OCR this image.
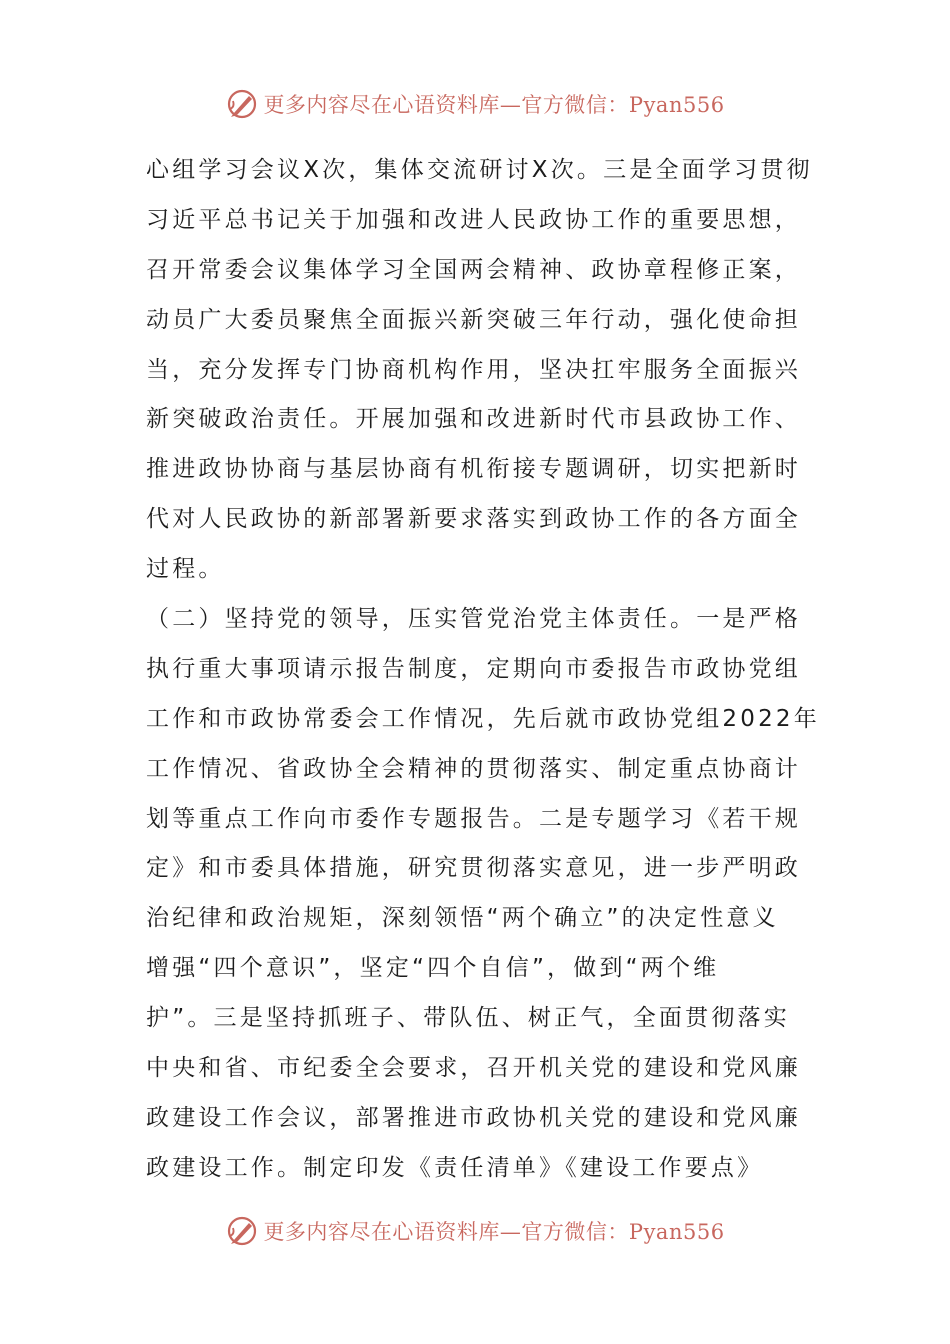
更多内容尽在心语资料库—官方微信：Pyan556
心组学习会议X次，集体交流研讨X次。三是全面学习贯彻
习近平总书记关于加强和改进人民政协工作的重要思想，
召开常委会议集体学习全国两会精神、政协章程修正案，
动员广大委员聚焦全面振兴新突破三年行动，强化使命担
当，充分发挥专门协商机构作用，坚决扛牢服务全面振兴
新突破政治责任。开展加强和改进新时代市县政协工作、
推进政协协商与基层协商有机衔接专题调研，切实把新时
代对人民政协的新部署新要求落实到政协工作的各方面全
过程。
（二）坚持党的领导，压实管党治党主体责任。一是严格
执行重大事项请示报告制度，定期向市委报告市政协党组
工作和市政协常委会工作情况，先后就市政协党组2022年
工作情况、省政协全会精神的贯彻落实、制定重点协商计
划等重点工作向市委作专题报告。二是专题学习《若干规
定》和市委具体措施，研究贯彻落实意见，进一步严明政
治纪律和政治规矩，深刻领悟“两个确立”的决定性意义
增强“四个意识”，坚定“四个自信”，做到“两个维
护”。三是坚持抓班子、带队伍、树正气，全面贯彻落实
中央和省、市纪委全会要求，召开机关党的建设和党风廉
政建设工作会议，部署推进市政协机关党的建设和党风廉
政建设工作。制定印发《责任清单》《建设工作要点》
更多内容尽在心语资料库—官方微信：Pyan556
